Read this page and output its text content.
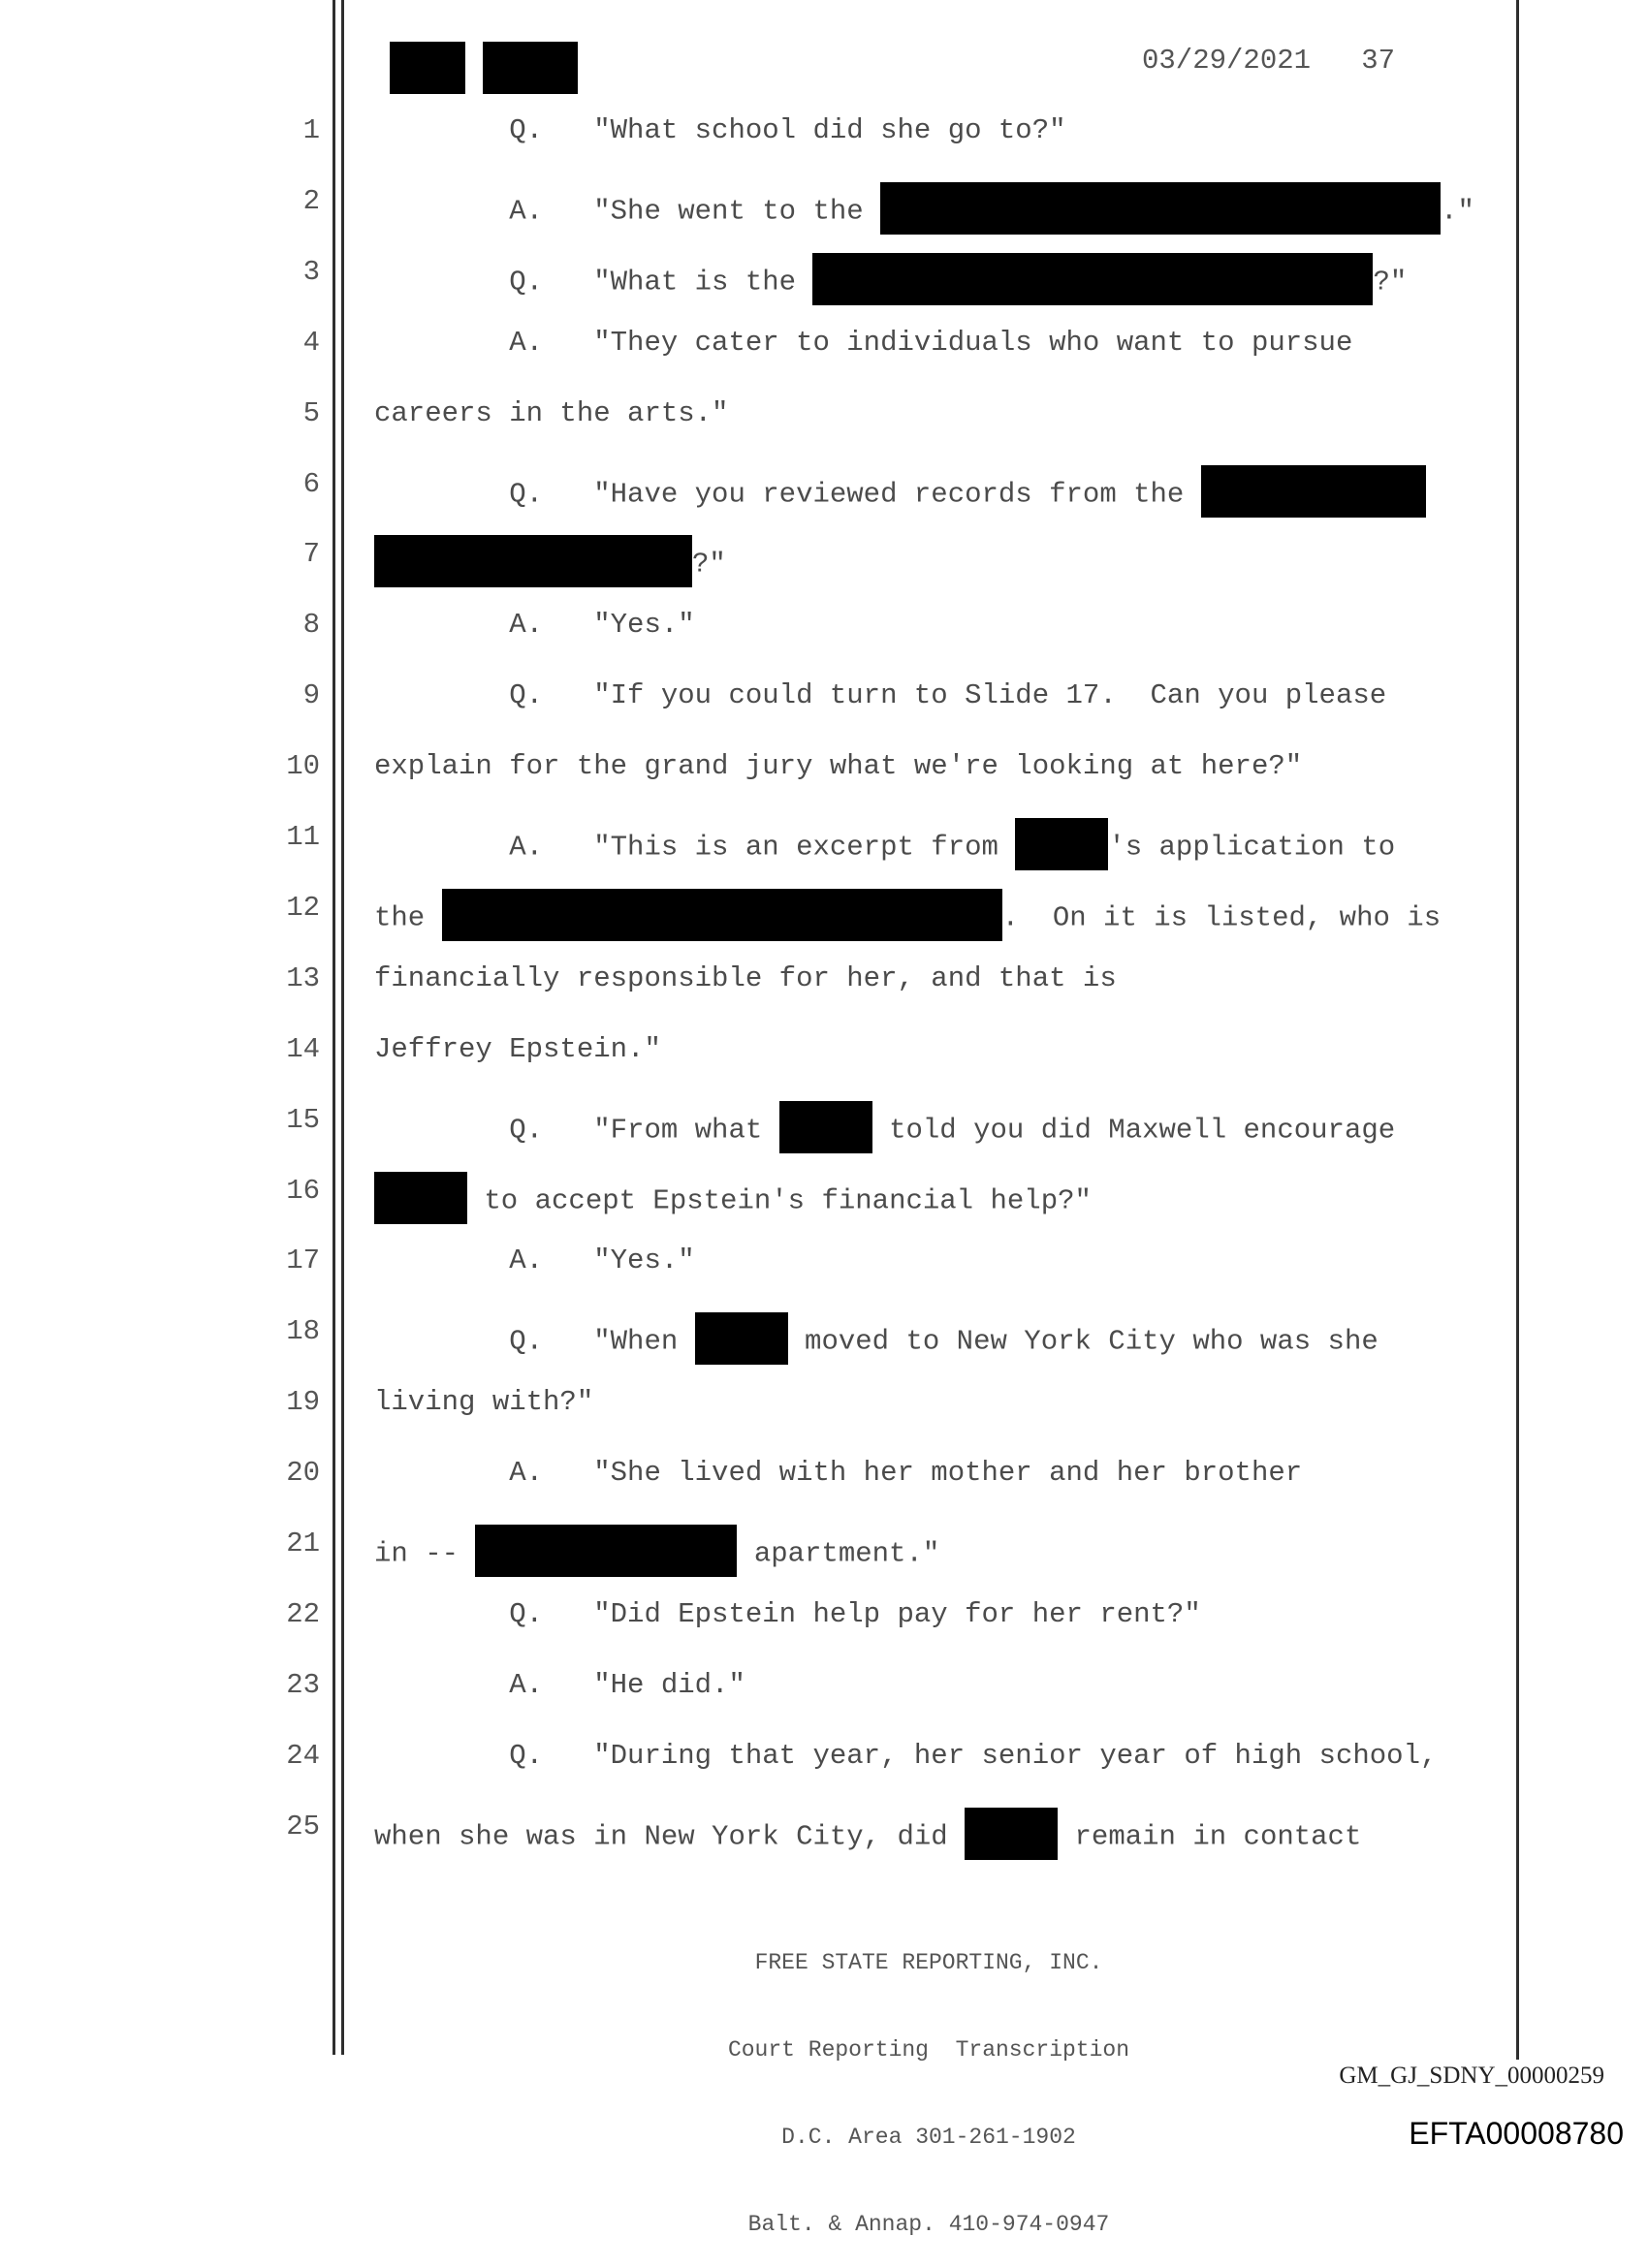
03/29/2021 37
1 Q.   "What school did she go to?"
2 A.   "She went to the	."
3 Q.   "What is the	?"
4 A.   "They cater to individuals who want to pursue
5 careers in the arts."
6 Q.   "Have you reviewed records from the
7	?"
8 A.   "Yes."
9 Q.   "If you could turn to Slide 17.  Can you please
10 explain for the grand jury what we're looking at here?"
11 A.   "This is an excerpt from	's application to
12 the	.  On it is listed, who is
13 financially responsible for her, and that is
14 Jeffrey Epstein."
15 Q.   "From what	told you did Maxwell encourage
16	to accept Epstein's financial help?"
17 A.   "Yes."
18 Q.   "When	moved to New York City who was she
19 living with?"
20 A.   "She lived with her mother and her brother
21 in --	apartment."
22 Q.   "Did Epstein help pay for her rent?"
23 A.   "He did."
24 Q.   "During that year, her senior year of high school,
25 when she was in New York City, did	remain in contact

FREE STATE REPORTING, INC.

Court Reporting  Transcription

D.C. Area 301-261-1902

Balt. & Annap. 410-974-0947

GM_GJ_SDNY_00000259
EFTA00008780
